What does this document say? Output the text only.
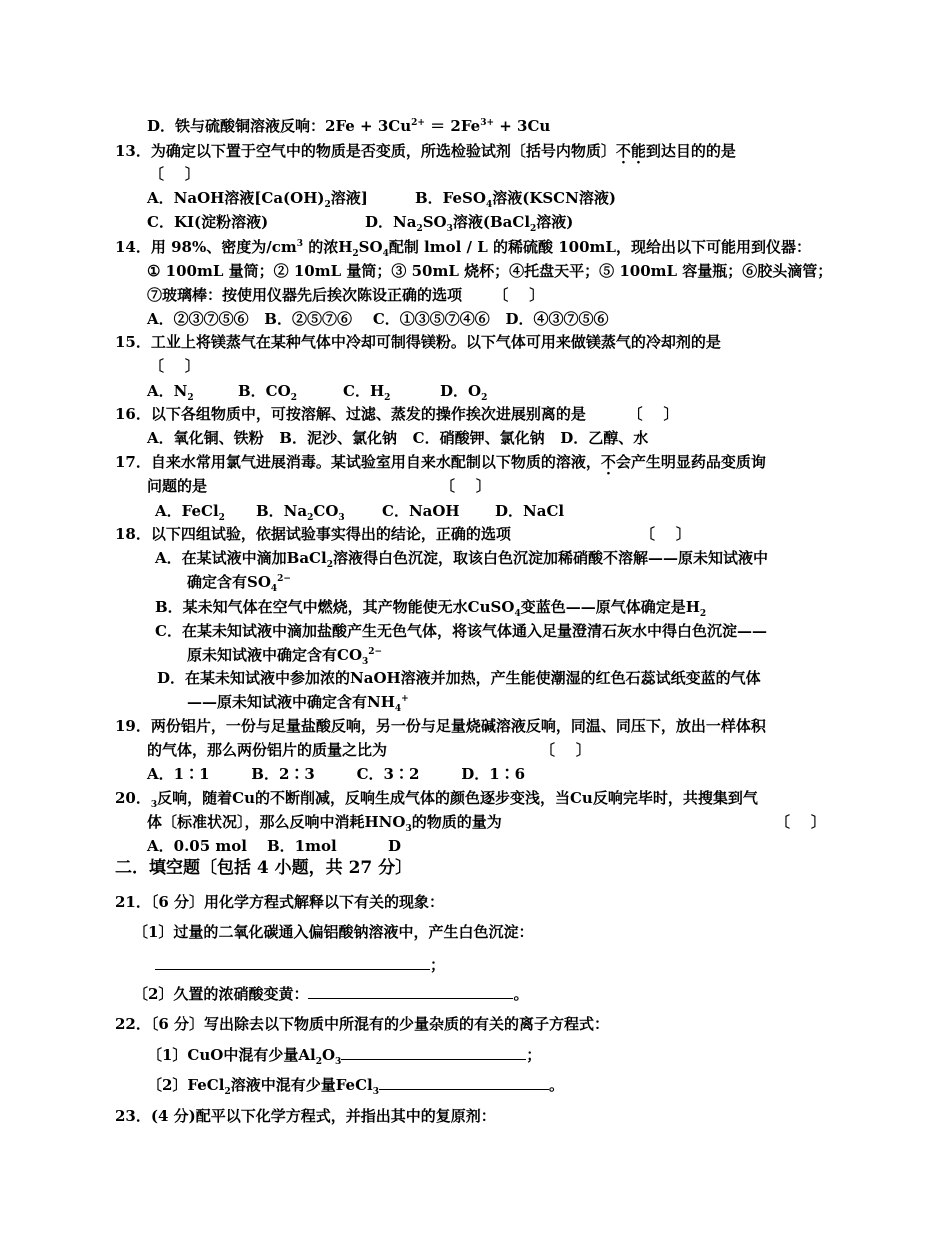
D．铁与硫酸铜溶液反响：$2Fe + 3Cu^{2+} = 2Fe^{3+} + 3Cu$
13．为确定以下置于空气中的物质是否变质，所选检验试剂〔括号内物质〕不能到达目的的是
〔    〕
A．NaOH溶液[$Ca(OH)_2$溶液]	B．FeSO$_4$溶液(KSCN溶液)
C．KI(淀粉溶液)	D．$Na_2SO_3$溶液(BaCl$_2$溶液)
14．用 98%、密度为$/cm^3$ 的浓$H_2SO_4$配制 lmol / L 的稀硫酸 100mL，现给出以下可能用到仪器：
① 100mL 量筒；② 10mL 量筒；③ 50mL 烧杯；④托盘天平；⑤ 100mL 容量瓶；⑥胶头滴管；
⑦玻璃棒：按使用仪器先后挨次陈设正确的选项      〔    〕
A．②③⑦⑤⑥   B．②⑤⑦⑥    C．①③⑤⑦④⑥   D．④③⑦⑤⑥
15．工业上将镁蒸气在某种气体中冷却可制得镁粉。以下气体可用来做镁蒸气的冷却剂的是
〔    〕
A．$N_2$	B．$CO_2$	C．$H_2$	D．$O_2$
16．以下各组物质中，可按溶解、过滤、蒸发的操作挨次进展别离的是        〔    〕
A．氧化铜、铁粉   B．泥沙、氯化钠   C．硝酸钾、氯化钠   D．乙醇、水
17．自来水常用氯气进展消毒。某试验室用自来水配制以下物质的溶液，不会产生明显药品变质询
问题的是	〔    〕
A．FeCl$_2$ B．$Na_2CO_3$ C．NaOH D．NaCl
18．以下四组试验，依据试验事实得出的结论，正确的选项	〔    〕
A．在某试液中滴加BaCl$_2$溶液得白色沉淀，取该白色沉淀加稀硝酸不溶解——原未知试液中
确定含有$SO_4^{2-}$
B．某未知气体在空气中燃烧，其产物能使无水CuSO$_4$变蓝色——原气体确定是$H_2$
C．在某未知试液中滴加盐酸产生无色气体，将该气体通入足量澄清石灰水中得白色沉淀——
原未知试液中确定含有$CO_3^{2-}$
D．在某未知试液中参加浓的NaOH溶液并加热，产生能使潮湿的红色石蕊试纸变蓝的气体
——原未知试液中确定含有$NH_4^+$
19．两份铝片，一份与足量盐酸反响，另一份与足量烧碱溶液反响，同温、同压下，放出一样体积
的气体，那么两份铝片的质量之比为	〔    〕
A．1∶1        B．2∶3        C．3∶2        D．1∶6
20．$_3$反响，随着Cu的不断削减，反响生成气体的颜色逐步变浅，当Cu反响完毕时，共搜集到气
体〔标准状况〕，那么反响中消耗$HNO_3$的物质的量为	〔    〕
A．0.05 mol B．1mol	D
二．填空题〔包括 4 小题，共 27 分〕
21．〔6 分〕用化学方程式解释以下有关的现象：
〔1〕过量的二氧化碳通入偏铝酸钠溶液中，产生白色沉淀：
；
〔2〕久置的浓硝酸变黄：	。
22．〔6 分〕写出除去以下物质中所混有的少量杂质的有关的离子方程式：
〔1〕CuO中混有少量$Al_2O_3$	；
〔2〕FeCl$_2$溶液中混有少量FeCl$_3$	。
23．(4 分)配平以下化学方程式，并指出其中的复原剂：
